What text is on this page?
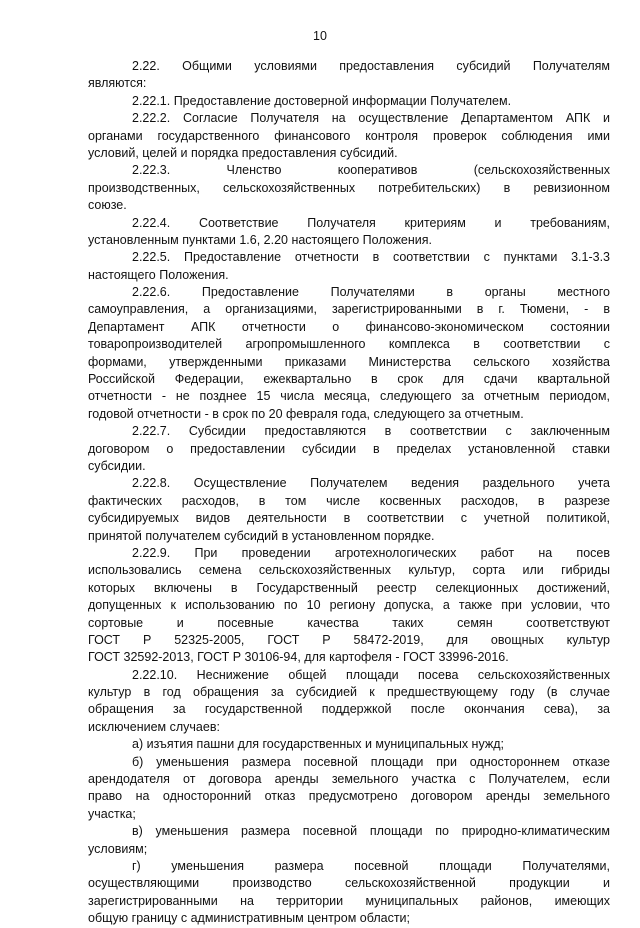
10
2.22. Общими условиями предоставления субсидий Получателям
являются:
2.22.1. Предоставление достоверной информации Получателем.
2.22.2. Согласие Получателя на осуществление Департаментом АПК и
органами государственного финансового контроля проверок соблюдения ими
условий, целей и порядка предоставления субсидий.
2.22.3. Членство кооперативов (сельскохозяйственных
производственных, сельскохозяйственных потребительских) в ревизионном
союзе.
2.22.4. Соответствие Получателя критериям и требованиям,
установленным пунктами 1.6, 2.20 настоящего Положения.
2.22.5. Предоставление отчетности в соответствии с пунктами 3.1-3.3
настоящего Положения.
2.22.6. Предоставление Получателями в органы местного
самоуправления, а организациями, зарегистрированными в г. Тюмени, - в
Департамент АПК отчетности о финансово-экономическом состоянии
товаропроизводителей агропромышленного комплекса в соответствии с
формами, утвержденными приказами Министерства сельского хозяйства
Российской Федерации, ежеквартально в срок для сдачи квартальной
отчетности - не позднее 15 числа месяца, следующего за отчетным периодом,
годовой отчетности - в срок по 20 февраля года, следующего за отчетным.
2.22.7. Субсидии предоставляются в соответствии с заключенным
договором о предоставлении субсидии в пределах установленной ставки
субсидии.
2.22.8. Осуществление Получателем ведения раздельного учета
фактических расходов, в том числе косвенных расходов, в разрезе
субсидируемых видов деятельности в соответствии с учетной политикой,
принятой получателем субсидий в установленном порядке.
2.22.9. При проведении агротехнологических работ на посев
использовались семена сельскохозяйственных культур, сорта или гибриды
которых включены в Государственный реестр селекционных достижений,
допущенных к использованию по 10 региону допуска, а также при условии, что
сортовые и посевные качества таких семян соответствуют
ГОСТ Р 52325-2005, ГОСТ Р 58472-2019, для овощных культур
ГОСТ 32592-2013, ГОСТ Р 30106-94, для картофеля - ГОСТ 33996-2016.
2.22.10. Неснижение общей площади посева сельскохозяйственных
культур в год обращения за субсидией к предшествующему году (в случае
обращения за государственной поддержкой после окончания сева), за
исключением случаев:
а) изъятия пашни для государственных и муниципальных нужд;
б) уменьшения размера посевной площади при одностороннем отказе
арендодателя от договора аренды земельного участка с Получателем, если
право на односторонний отказ предусмотрено договором аренды земельного
участка;
в) уменьшения размера посевной площади по природно-климатическим
условиям;
г) уменьшения размера посевной площади Получателями,
осуществляющими производство сельскохозяйственной продукции и
зарегистрированными на территории муниципальных районов, имеющих
общую границу с административным центром области;
